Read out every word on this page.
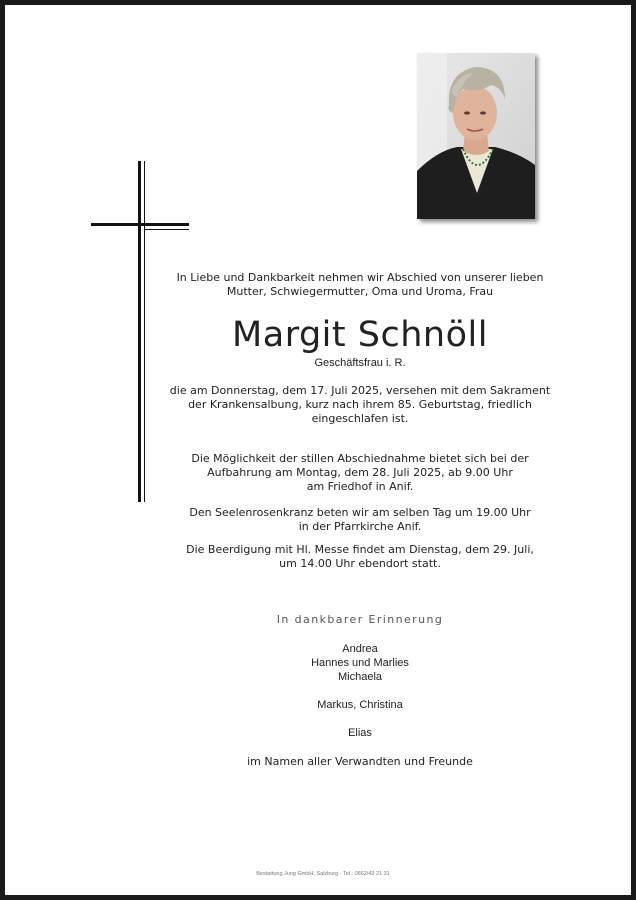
In Liebe und Dankbarkeit nehmen wir Abschied von unserer lieben
Mutter, Schwiegermutter, Oma und Uroma, Frau
Margit Schnöll
Geschäftsfrau i. R.
die am Donnerstag, dem 17. Juli 2025, versehen mit dem Sakrament
der Krankensalbung, kurz nach ihrem 85. Geburtstag, friedlich
eingeschlafen ist.
Die Möglichkeit der stillen Abschiednahme bietet sich bei der
Aufbahrung am Montag, dem 28. Juli 2025, ab 9.00 Uhr
am Friedhof in Anif.
Den Seelenrosenkranz beten wir am selben Tag um 19.00 Uhr
in der Pfarrkirche Anif.
Die Beerdigung mit Hl. Messe findet am Dienstag, dem 29. Juli,
um 14.00 Uhr ebendort statt.
In dankbarer Erinnerung
Andrea
Hannes und Marlies
Michaela
Markus, Christina
Elias
im Namen aller Verwandten und Freunde
Bestattung Jung GmbH, Salzburg · Tel.: 0662/43 21 31
